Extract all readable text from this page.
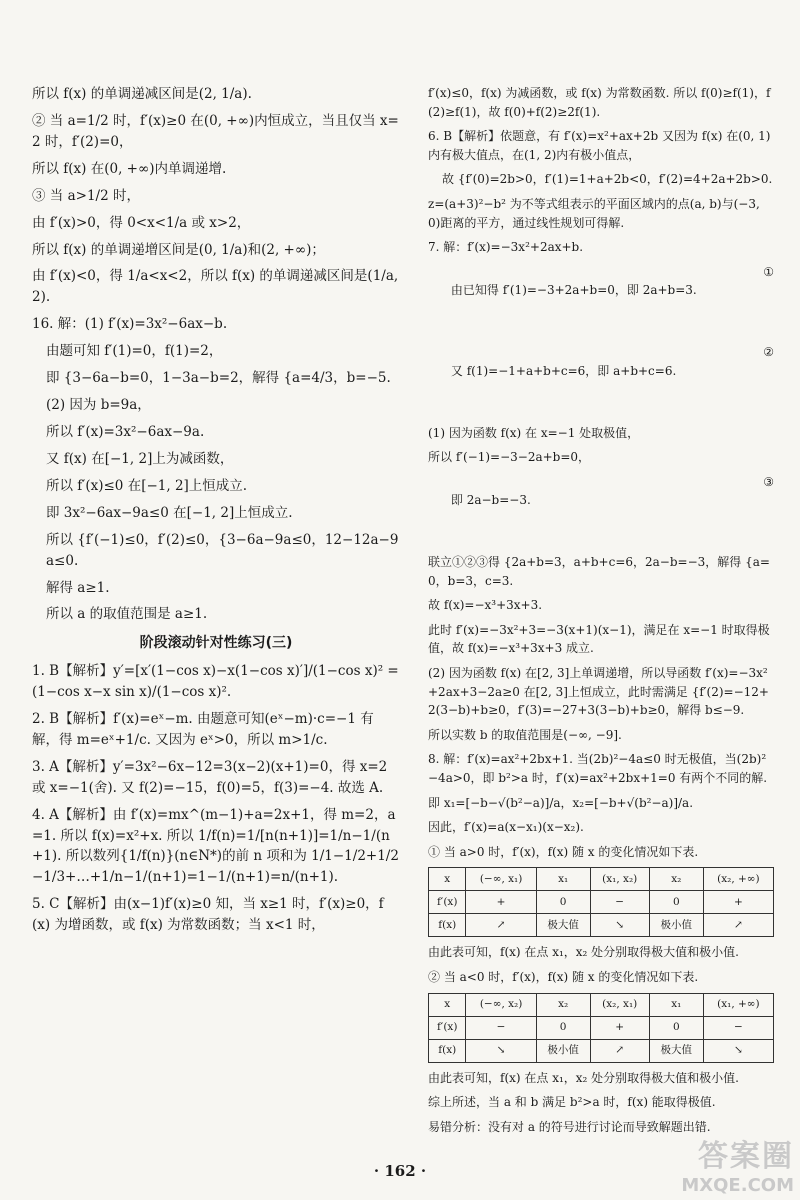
所以 f(x) 的单调递减区间是(2, 1/a).

② 当 a=1/2 时，f′(x)≥0 在(0, +∞)内恒成立，当且仅当 x=2 时，f′(2)=0，

所以 f(x) 在(0, +∞)内单调递增.

③ 当 a>1/2 时，

由 f′(x)>0，得 0<x<1/a 或 x>2，

所以 f(x) 的单调递增区间是(0, 1/a)和(2, +∞)；

由 f′(x)<0，得 1/a<x<2，所以 f(x) 的单调递减区间是(1/a, 2).

16. 解：(1) f′(x)=3x²−6ax−b.

由题可知 f′(1)=0，f(1)=2，

即 {3−6a−b=0，1−3a−b=2，解得 {a=4/3，b=−5.

(2) 因为 b=9a，

所以 f′(x)=3x²−6ax−9a.

又 f(x) 在[−1, 2]上为减函数，

所以 f′(x)≤0 在[−1, 2]上恒成立.

即 3x²−6ax−9a≤0 在[−1, 2]上恒成立.

所以 {f′(−1)≤0，f′(2)≤0，{3−6a−9a≤0，12−12a−9a≤0.

解得 a≥1.

所以 a 的取值范围是 a≥1.

阶段滚动针对性练习(三)

1. B【解析】y′=[x′(1−cos x)−x(1−cos x)′]/(1−cos x)² = (1−cos x−x sin x)/(1−cos x)².

2. B【解析】f′(x)=eˣ−m. 由题意可知(eˣ−m)·c=−1 有解，得 m=eˣ+1/c. 又因为 eˣ>0，所以 m>1/c.

3. A【解析】y′=3x²−6x−12=3(x−2)(x+1)=0，得 x=2 或 x=−1(舍). 又 f(2)=−15，f(0)=5，f(3)=−4. 故选 A.

4. A【解析】由 f′(x)=mx^(m−1)+a=2x+1，得 m=2，a=1. 所以 f(x)=x²+x. 所以 1/f(n)=1/[n(n+1)]=1/n−1/(n+1). 所以数列{1/f(n)}(n∈N*)的前 n 项和为 1/1−1/2+1/2−1/3+…+1/n−1/(n+1)=1−1/(n+1)=n/(n+1).

5. C【解析】由(x−1)f′(x)≥0 知，当 x≥1 时，f′(x)≥0，f(x) 为增函数，或 f(x) 为常数函数；当 x<1 时，

f′(x)≤0，f(x) 为减函数，或 f(x) 为常数函数. 所以 f(0)≥f(1)，f(2)≥f(1)，故 f(0)+f(2)≥2f(1).

6. B【解析】依题意，有 f′(x)=x²+ax+2b 又因为 f(x) 在(0, 1)内有极大值点，在(1, 2)内有极小值点，

故 {f′(0)=2b>0，f′(1)=1+a+2b<0，f′(2)=4+2a+2b>0.

z=(a+3)²−b² 为不等式组表示的平面区域内的点(a, b)与(−3, 0)距离的平方，通过线性规划可得解.

7. 解：f′(x)=−3x²+2ax+b.

由已知得 f′(1)=−3+2a+b=0，即 2a+b=3.

①

又 f(1)=−1+a+b+c=6，即 a+b+c=6.

②

(1) 因为函数 f(x) 在 x=−1 处取极值，

所以 f′(−1)=−3−2a+b=0，

即 2a−b=−3.

③

联立①②③得 {2a+b=3，a+b+c=6，2a−b=−3，解得 {a=0，b=3，c=3.

故 f(x)=−x³+3x+3.

此时 f′(x)=−3x²+3=−3(x+1)(x−1)，满足在 x=−1 时取得极值，故 f(x)=−x³+3x+3 成立.

(2) 因为函数 f(x) 在[2, 3]上单调递增，所以导函数 f′(x)=−3x²+2ax+3−2a≥0 在[2, 3]上恒成立，此时需满足 {f′(2)=−12+2(3−b)+b≥0，f′(3)=−27+3(3−b)+b≥0，解得 b≤−9.

所以实数 b 的取值范围是(−∞, −9].

8. 解：f′(x)=ax²+2bx+1. 当(2b)²−4a≤0 时无极值，当(2b)²−4a>0，即 b²>a 时，f′(x)=ax²+2bx+1=0 有两个不同的解.

即 x₁=[−b−√(b²−a)]/a，x₂=[−b+√(b²−a)]/a.

因此，f′(x)=a(x−x₁)(x−x₂).

① 当 a>0 时，f′(x)，f(x) 随 x 的变化情况如下表.

x	(−∞, x₁)	x₁	(x₁, x₂)	x₂	(x₂, +∞)
f′(x)	+	0	−	0	+
f(x)	↗	极大值	↘	极小值	↗

由此表可知，f(x) 在点 x₁，x₂ 处分别取得极大值和极小值.

② 当 a<0 时，f′(x)，f(x) 随 x 的变化情况如下表.

x	(−∞, x₂)	x₂	(x₂, x₁)	x₁	(x₁, +∞)
f′(x)	−	0	+	0	−
f(x)	↘	极小值	↗	极大值	↘

由此表可知，f(x) 在点 x₁，x₂ 处分别取得极大值和极小值.

综上所述，当 a 和 b 满足 b²>a 时，f(x) 能取得极值.

易错分析：没有对 a 的符号进行讨论而导致解题出错.

· 162 ·	答案圈
MXQE.COM
